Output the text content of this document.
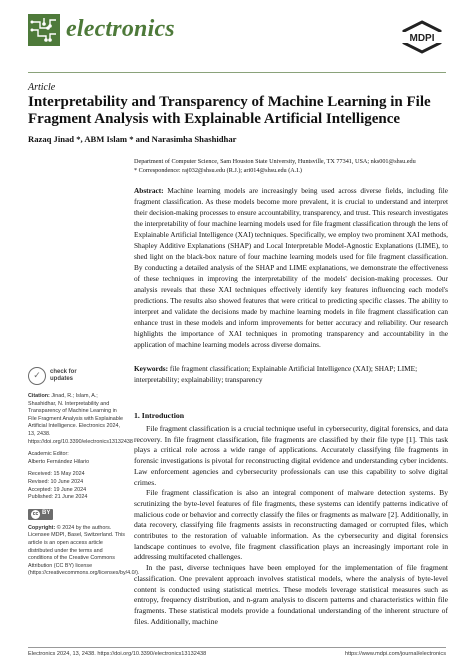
electronics	MDPI
Article
Interpretability and Transparency of Machine Learning in File Fragment Analysis with Explainable Artificial Intelligence
Razaq Jinad *, ABM Islam * and Narasimha Shashidhar

Department of Computer Science, Sam Houston State University, Huntsville, TX 77341, USA; nks001@shsu.edu

* Correspondence: raj032@shsu.edu (R.J.); ari014@shsu.edu (A.I.)

Abstract: Machine learning models are increasingly being used across diverse fields, including file fragment classification. As these models become more prevalent, it is crucial to understand and interpret their decision-making processes to ensure accountability, transparency, and trust. This research investigates the interpretability of four machine learning models used for file fragment classification through the lens of Explainable Artificial Intelligence (XAI) techniques. Specifically, we employ two prominent XAI methods, Shapley Additive Explanations (SHAP) and Local Interpretable Model-Agnostic Explanations (LIME), to shed light on the black-box nature of four machine learning models used for file fragment classification. By conducting a detailed analysis of the SHAP and LIME explanations, we demonstrate the effectiveness of these techniques in improving the interpretability of the models' decision-making processes. Our analysis reveals that these XAI techniques effectively identify key features influencing each model's predictions. The results also showed features that were critical to predicting specific classes. The ability to interpret and validate the decisions made by machine learning models in file fragment classification can enhance trust in these models and inform improvements for better accuracy and reliability. Our research highlights the importance of XAI techniques in promoting transparency and accountability in the application of machine learning models across diverse domains.
Keywords: file fragment classification; Explainable Artificial Intelligence (XAI); SHAP; LIME; interpretability; explainability; transparency
✓	check for
updates
Citation: Jinad, R.; Islam, A.; Shashidhar, N. Interpretability and Transparency of Machine Learning in File Fragment Analysis with Explainable Artificial Intelligence. Electronics 2024, 13, 2438. https://doi.org/10.3390/electronics13132438
Academic Editor:
Alberto Fernández Hilario
Received: 15 May 2024
Revised: 10 June 2024
Accepted: 19 June 2024
Published: 21 June 2024
cc BY
Copyright: © 2024 by the authors. Licensee MDPI, Basel, Switzerland. This article is an open access article distributed under the terms and conditions of the Creative Commons Attribution (CC BY) license (https://creativecommons.org/licenses/by/4.0/).
1. Introduction

File fragment classification is a crucial technique useful in cybersecurity, digital forensics, and data recovery. In file fragment classification, file fragments are classified by their file type [1]. This task plays a critical role across a wide range of applications. Accurately classifying file fragments in forensic investigations is pivotal for reconstructing digital evidence and understanding cyber incidents. Law enforcement agencies and cybersecurity professionals can use this capability to solve digital crimes.

File fragment classification is also an integral component of malware detection systems. By scrutinizing the byte-level features of file fragments, these systems can identify patterns indicative of malicious code or behavior and correctly classify the files or fragments as malware [2]. Additionally, in data recovery, classifying file fragments assists in reconstructing damaged or corrupted files, which contributes to the restoration of valuable information. As the cybersecurity and digital forensics landscape continues to evolve, file fragment classification plays an increasingly important role in addressing multifaceted challenges.

In the past, diverse techniques have been employed for the implementation of file fragment classification. One prevalent approach involves statistical models, where the analysis of byte-level content is conducted using statistical metrics. These models leverage statistical measures such as entropy, frequency distribution, and n-gram analysis to discern patterns and characteristics within file fragments. These statistical models provide a foundational understanding of the inherent structure of files. Additionally, machine

Electronics 2024, 13, 2438. https://doi.org/10.3390/electronics13132438	https://www.mdpi.com/journal/electronics
